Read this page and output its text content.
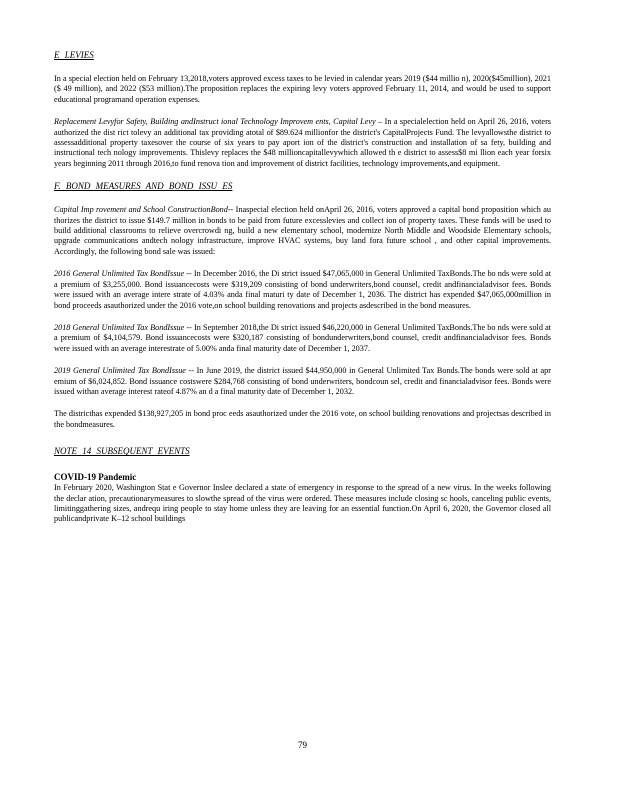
E LEVIES

In a special election held on February 13,2018,voters approved excess taxes to be levied in calendar years 2019 ($44 millio n), 2020($45million), 2021 ($ 49 million), and 2022 ($53 million).The proposition replaces the expiring levy voters approved February 11, 2014, and would be used to support educational programand operation expenses.

Replacement Levyfor Safety, Building andInstruct ional Technology Improvem ents, Capital Levy – In a specialelection held on April 26, 2016, voters authorized the dist rict tolevy an additional tax providing atotal of $89.624 millionfor the district's CapitalProjects Fund. The levyallowsthe district to assessadditional property taxesover the course of six years to pay aport ion of the district's construction and installation of sa fety, building and instructional tech nology improvements. Thislevy replaces the $48 millioncapitallevywhich allowed th e district to assess$8 mi llion each year forsix years beginning 2011 through 2016,to fund renova tion and improvement of district facilities, technology improvements,and equipment.

F. BOND MEASURES AND BOND ISSU ES

Capital Imp rovement and School ConstructionBond-- Inaspecial election held onApril 26, 2016, voters approved a capital bond proposition which au thorizes the district to issue $149.7 million in bonds to be paid from future excesslevies and collect ion of property taxes. These funds will be used to build additional classrooms to relieve overcrowdi ng, build a new elementary school, modernize North Middle and Woodside Elementary schools, upgrade communications andtech nology infrastructure, improve HVAC systems, buy land fora future school , and other capital improvements. Accordingly, the following bond sale was issued:

2016 General Unlimited Tax BondIssue -- In December 2016, the Di strict issued $47,065,000 in General Unlimited TaxBonds.The bo nds were sold at a premium of $3,255,000. Bond issuancecosts were $319,209 consisting of bond underwriters,bond counsel, credit andfinancialadvisor fees. Bonds were issued with an average intere strate of 4.03% anda final maturi ty date of December 1, 2036. The district has expended $47,065,000million in bond proceeds asauthorized under the 2016 vote,on school building renovations and projects asdescribed in the bond measures.

2018 General Unlimited Tax BondIssue -- In September 2018,the Di strict issued $46,220,000 in General Unlimited TaxBonds.The bo nds were sold at a premium of $4,104,579. Bond issuancecosts were $320,187 consisting of bondunderwriters,bond counsel, credit andfinancialadvisor fees. Bonds were issued with an average interestrate of 5.00% anda final maturity date of December 1, 2037.

2019 General Unlimited Tax BondIssue -- In June 2019, the district issued $44,950,000 in General Unlimited Tax Bonds.The bonds were sold at apr emium of $6,024,852. Bond issuance costswere $284,768 consisting of bond underwriters, bondcoun sel, credit and financialadvisor fees. Bonds were issued withan average interest rateof 4.87% an d a final maturity date of December 1, 2032.

The districthas expended $138,927,205 in bond proc eeds asauthorized under the 2016 vote, on school building renovations and projectsas described in the bondmeasures.

NOTE 14 SUBSEQUENT EVENTS
COVID-19 Pandemic

In February 2020, Washington Stat e Governor Inslee declared a state of emergency in response to the spread of a new virus. In the weeks following the declar ation, precautionarymeasures to slowthe spread of the virus were ordered. These measures include closing sc hools, canceling public events, limitinggathering sizes, andrequ iring people to stay home unless they are leaving for an essential function.On April 6, 2020, the Governor closed all publicandprivate K–12 school buildings

79
